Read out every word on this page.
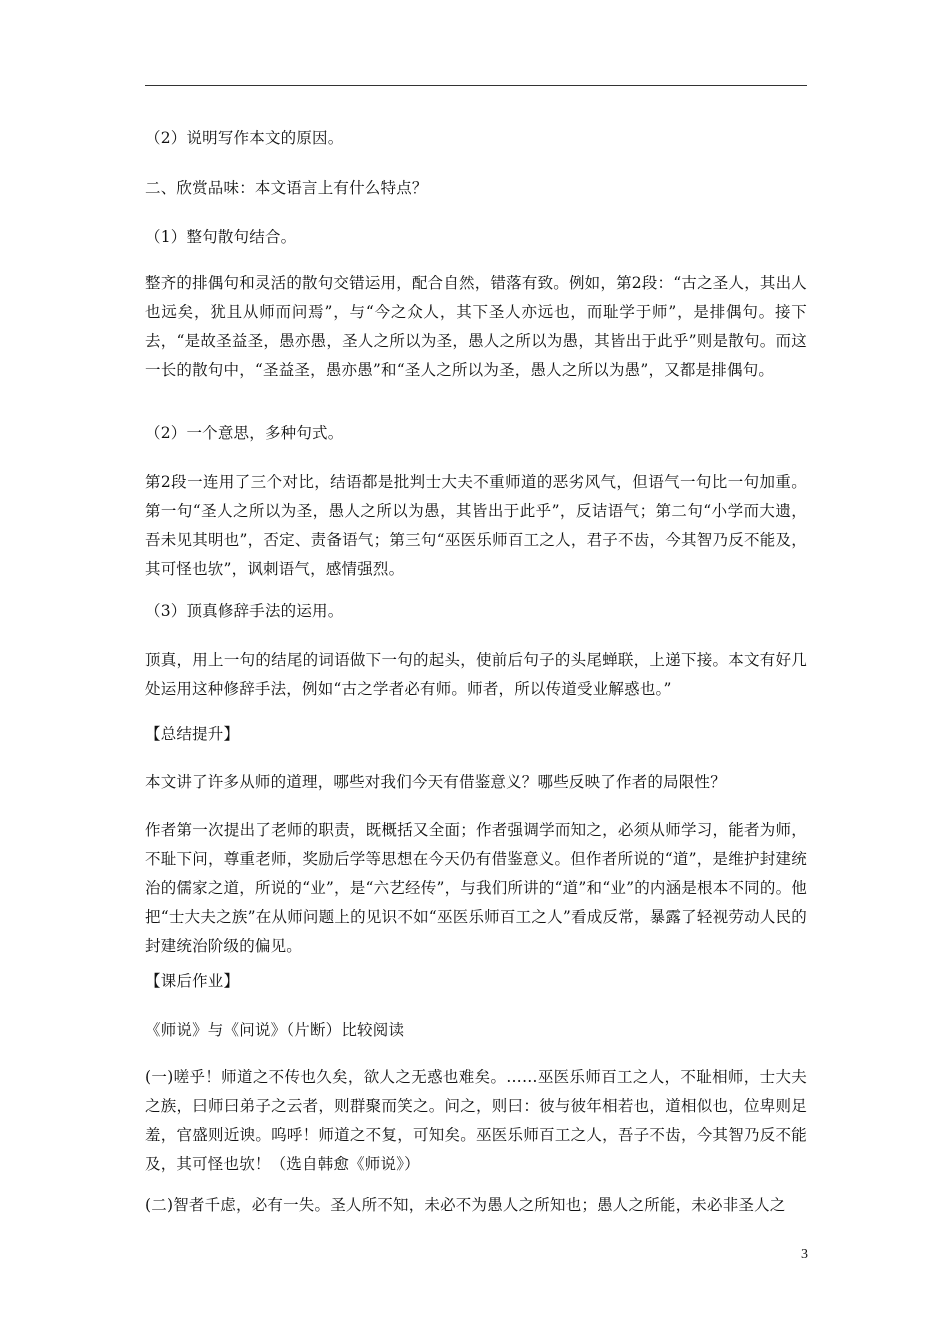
（2）说明写作本文的原因。

二、欣赏品味：本文语言上有什么特点？

（1）整句散句结合。

整齐的排偶句和灵活的散句交错运用，配合自然，错落有致。例如，第2段：“古之圣人，其出人也远矣，犹且从师而问焉”，与“今之众人，其下圣人亦远也，而耻学于师”，是排偶句。接下去，“是故圣益圣，愚亦愚，圣人之所以为圣，愚人之所以为愚，其皆出于此乎”则是散句。而这一长的散句中，“圣益圣，愚亦愚”和“圣人之所以为圣，愚人之所以为愚”，又都是排偶句。

（2）一个意思，多种句式。

第2段一连用了三个对比，结语都是批判士大夫不重师道的恶劣风气，但语气一句比一句加重。第一句“圣人之所以为圣，愚人之所以为愚，其皆出于此乎”，反诘语气；第二句“小学而大遗，吾未见其明也”，否定、责备语气；第三句“巫医乐师百工之人，君子不齿，今其智乃反不能及，其可怪也欤”，讽刺语气，感情强烈。

（3）顶真修辞手法的运用。

顶真，用上一句的结尾的词语做下一句的起头，使前后句子的头尾蝉联，上递下接。本文有好几处运用这种修辞手法，例如“古之学者必有师。师者，所以传道受业解惑也。”

【总结提升】

本文讲了许多从师的道理，哪些对我们今天有借鉴意义？哪些反映了作者的局限性？

作者第一次提出了老师的职责，既概括又全面；作者强调学而知之，必须从师学习，能者为师，不耻下问，尊重老师，奖励后学等思想在今天仍有借鉴意义。但作者所说的“道”，是维护封建统治的儒家之道，所说的“业”，是“六艺经传”，与我们所讲的“道”和“业”的内涵是根本不同的。他把“士大夫之族”在从师问题上的见识不如“巫医乐师百工之人”看成反常，暴露了轻视劳动人民的封建统治阶级的偏见。

【课后作业】

《师说》与《问说》（片断）比较阅读

(一)嗟乎！师道之不传也久矣，欲人之无惑也难矣。……巫医乐师百工之人，不耻相师，士大夫之族，曰师曰弟子之云者，则群聚而笑之。问之，则曰：彼与彼年相若也，道相似也，位卑则足羞，官盛则近谀。呜呼！师道之不复，可知矣。巫医乐师百工之人，吾子不齿，今其智乃反不能及，其可怪也欤！（选自韩愈《师说》）

(二)智者千虑，必有一失。圣人所不知，未必不为愚人之所知也；愚人之所能，未必非圣人之

3
